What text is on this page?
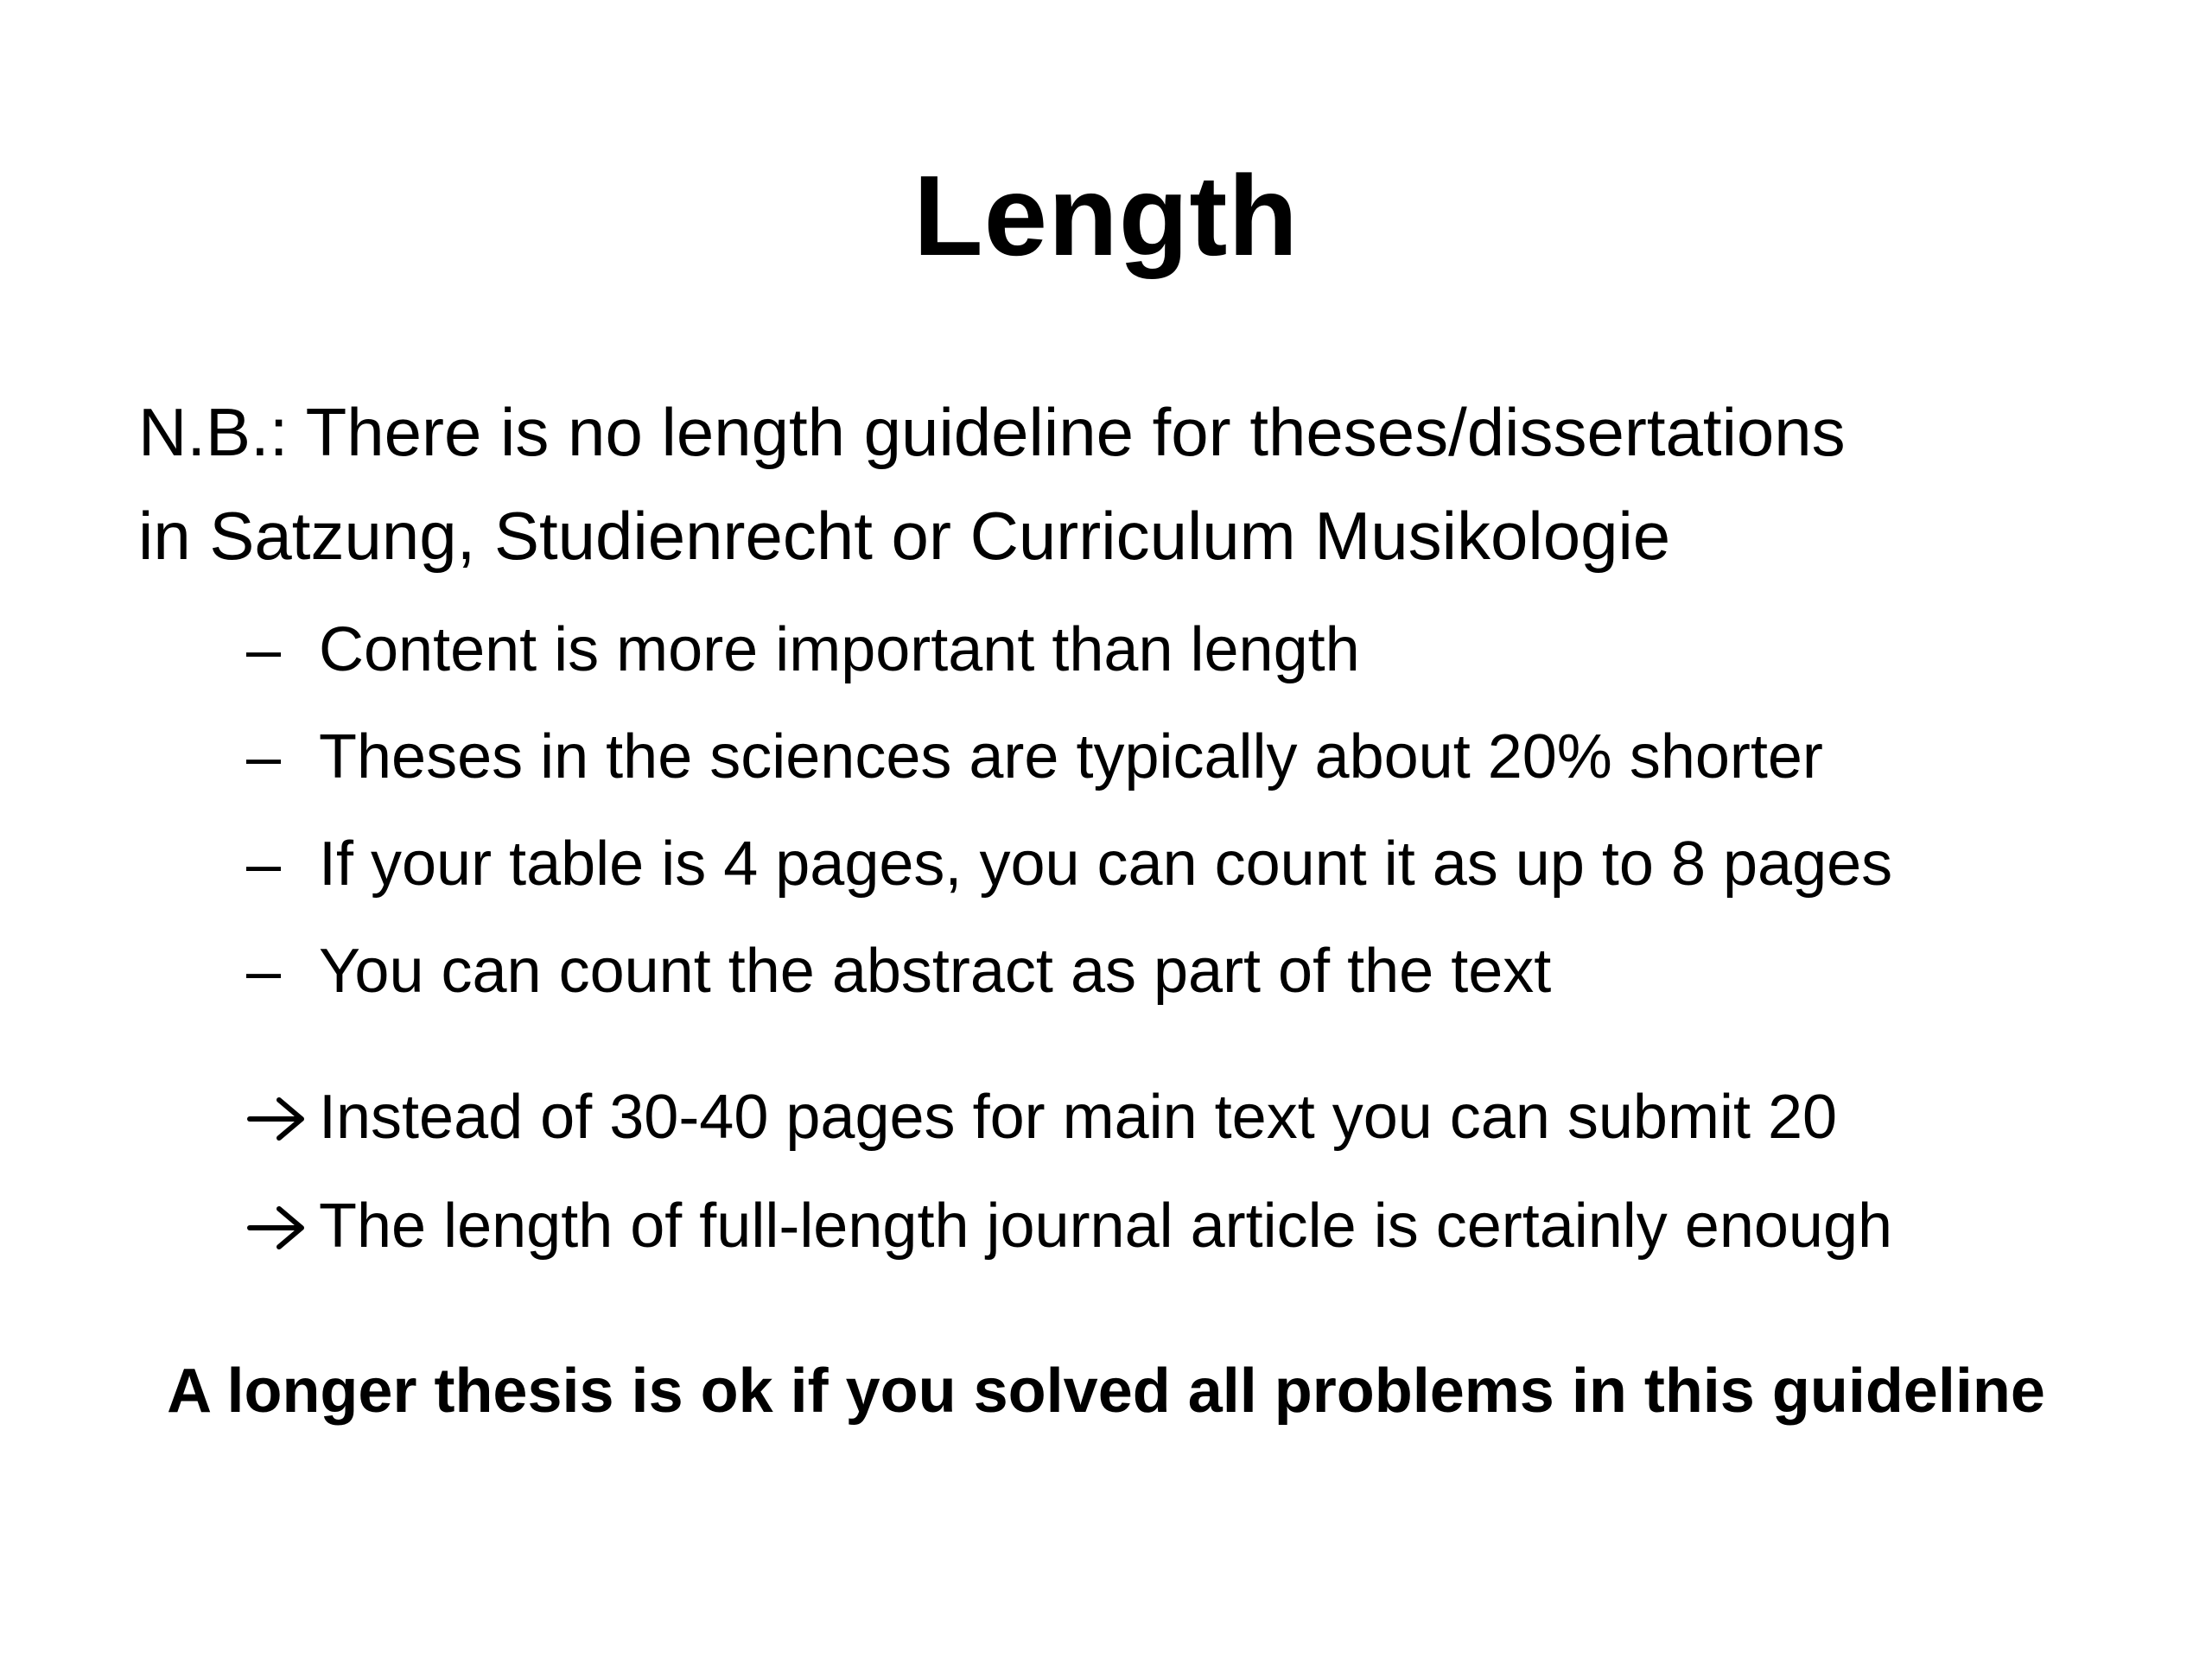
Length
N.B.: There is no length guideline for theses/dissertations
in Satzung, Studienrecht or Curriculum Musikologie
– Content is more important than length
– Theses in the sciences are typically about 20% shorter
– If your table is 4 pages, you can count it as up to 8 pages
– You can count the abstract as part of the text
Instead of 30-40 pages for main text you can submit 20
The length of full-length journal article is certainly enough
A longer thesis is ok if you solved all problems in this guideline
